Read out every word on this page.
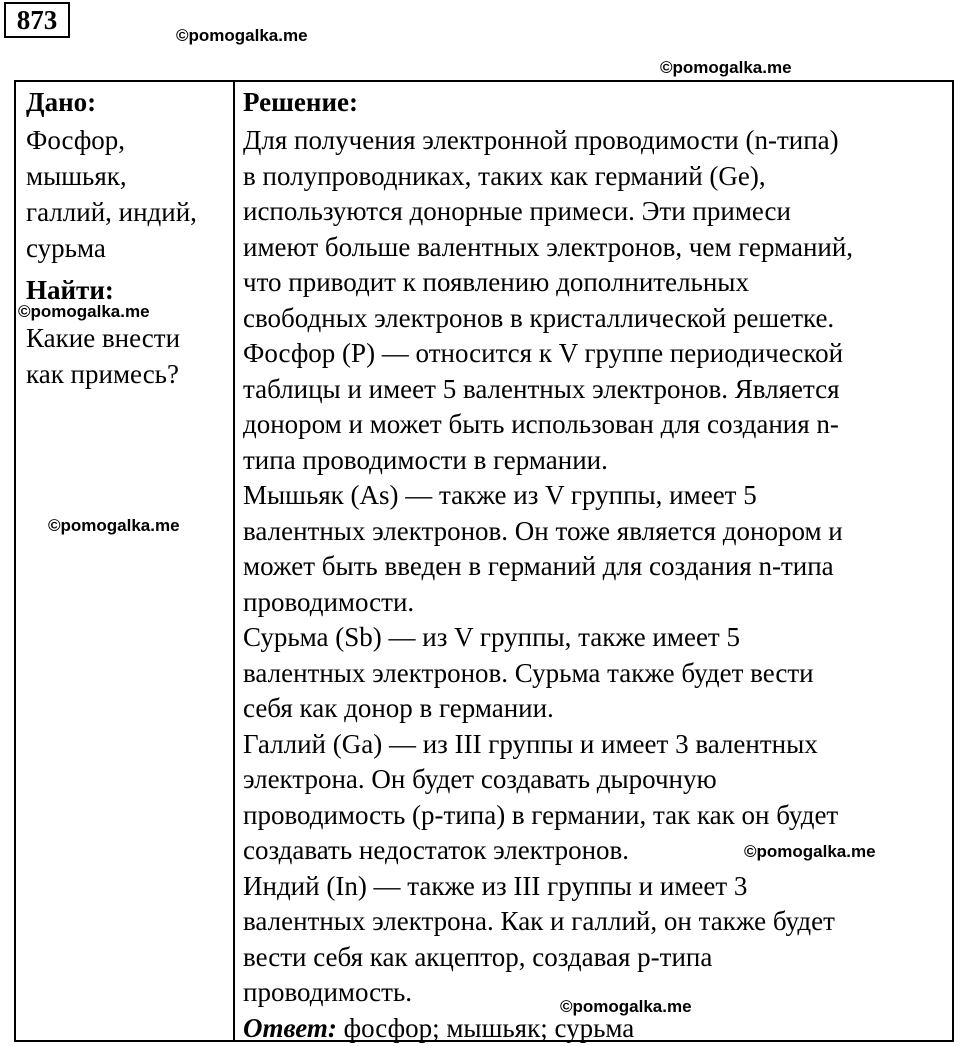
873
©pomogalka.me
©pomogalka.me
Дано:
Фосфор,
мышьяк,
галлий, индий,
сурьма
Найти:
Какие внести
как примесь?
©pomogalka.me
©pomogalka.me
Решение:
Для получения электронной проводимости (n-типа)
в полупроводниках, таких как германий (Ge),
используются донорные примеси. Эти примеси
имеют больше валентных электронов, чем германий,
что приводит к появлению дополнительных
свободных электронов в кристаллической решетке.
Фосфор (P) — относится к V группе периодической
таблицы и имеет 5 валентных электронов. Является
донором и может быть использован для создания n-
типа проводимости в германии.
Мышьяк (As) — также из V группы, имеет 5
валентных электронов. Он тоже является донором и
может быть введен в германий для создания n-типа
проводимости.
Сурьма (Sb) — из V группы, также имеет 5
валентных электронов. Сурьма также будет вести
себя как донор в германии.
Галлий (Ga) — из III группы и имеет 3 валентных
электрона. Он будет создавать дырочную
проводимость (p-типа) в германии, так как он будет
создавать недостаток электронов.
Индий (In) — также из III группы и имеет 3
валентных электрона. Как и галлий, он также будет
вести себя как акцептор, создавая p-типа
проводимость.
Ответ: фосфор; мышьяк; сурьма
©pomogalka.me
©pomogalka.me
